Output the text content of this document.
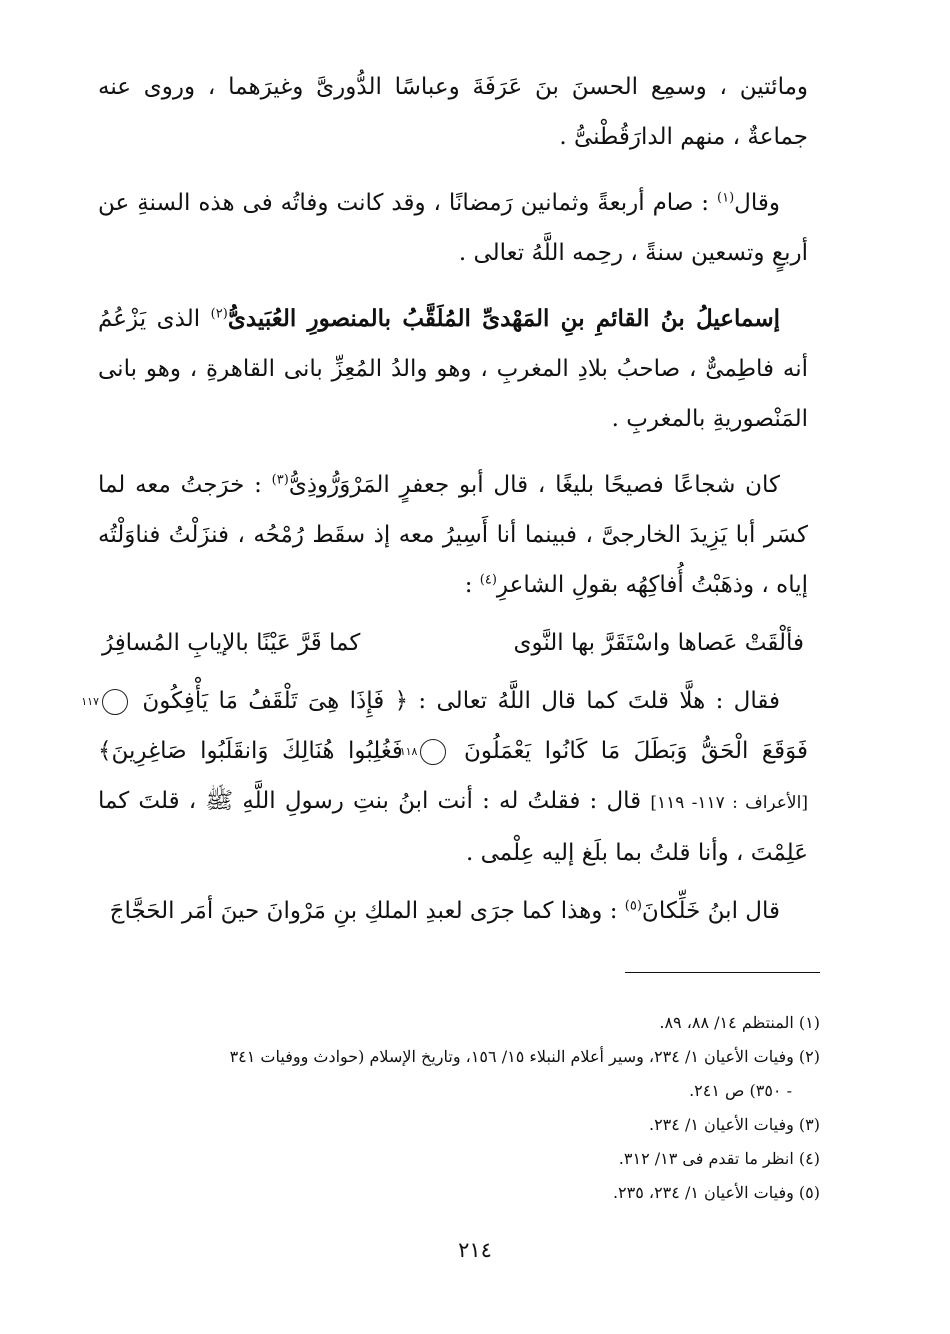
ومائتين ، وسمِع الحسنَ بنَ عَرَفَةَ وعباسًا الدُّورىَّ وغيرَهما ، وروى عنه جماعةٌ ، منهم الدارَقُطْنىُّ .

وقال$^{(١)}$ : صام أربعةً وثمانين رَمضانًا ، وقد كانت وفاتُه فى هذه السنةِ عن أربعٍ وتسعين سنةً ، رحِمه اللَّهُ تعالى .

إسماعيلُ بنُ القائمِ بنِ المَهْدىِّ المُلَقَّبُ بالمنصورِ العُبَيدىُّ$^{(٢)}$ الذى يَزْعُمُ أنه فاطِمىٌّ ، صاحبُ بلادِ المغربِ ، وهو والدُ المُعِزِّ بانى القاهرةِ ، وهو بانى المَنْصوريةِ بالمغربِ .

كان شجاعًا فصيحًا بليغًا ، قال أبو جعفرٍ المَرْوَرُّوذِىُّ$^{(٣)}$ : خرَجتُ معه لما كسَر أبا يَزِيدَ الخارجىَّ ، فبينما أنا أَسِيرُ معه إذ سقَط رُمْحُه ، فنزَلْتُ فناوَلْتُه إياه ، وذهَبْتُ أُفاكِهُه بقولِ الشاعرِ$^{(٤)}$ :

فألْقَتْ عَصاها واسْتَقَرَّ بها النَّوى
كما قَرَّ عَيْنًا بالإيابِ المُسافِرُ

فقال : هلَّا قلتَ كما قال اللَّهُ تعالى : ﴿ فَإِذَا هِىَ تَلْقَفُ مَا يَأْفِكُونَ ١١٧ فَوَقَعَ الْحَقُّ وَبَطَلَ مَا كَانُوا يَعْمَلُونَ ١١٨ فَغُلِبُوا هُنَالِكَ وَانقَلَبُوا صَاغِرِينَ﴾ [الأعراف : ١١٧- ١١٩] قال : فقلتُ له : أنت ابنُ بنتِ رسولِ اللَّهِ ﷺ ، قلتَ كما عَلِمْتَ ، وأنا قلتُ بما بلَغ إليه عِلْمى .

قال ابنُ خَلِّكانَ$^{(٥)}$ : وهذا كما جرَى لعبدِ الملكِ بنِ مَرْوانَ حينَ أمَر الحَجَّاجَ

(١) المنتظم ١٤/ ٨٨، ٨٩.

(٢) وفيات الأعيان ١/ ٢٣٤، وسير أعلام النبلاء ١٥/ ١٥٦، وتاريخ الإسلام (حوادث ووفيات ٣٤١

- ٣٥٠) ص ٢٤١.

(٣) وفيات الأعيان ١/ ٢٣٤.

(٤) انظر ما تقدم فى ١٣/ ٣١٢.

(٥) وفيات الأعيان ١/ ٢٣٤، ٢٣٥.

٢١٤
